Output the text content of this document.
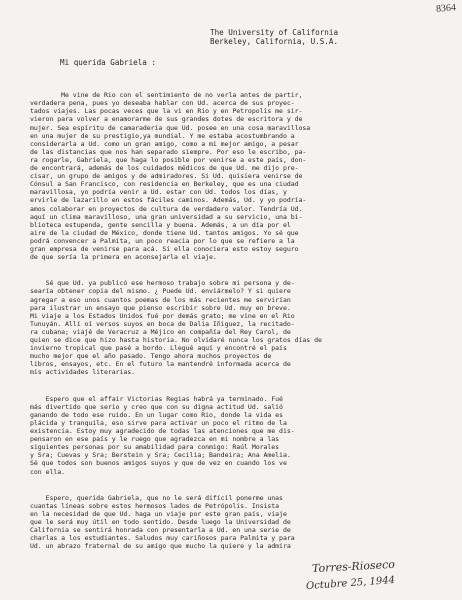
8364
The University of California
Berkeley, California, U.S.A.
Mi querida Gabriela :

Me vine de Rio con el sentimiento de no verla antes de partir,
verdadera pena, pues yo deseaba hablar con Ud. acerca de sus proyec-
tados viajes. Las pocas veces que la vi en Rio y en Petropolis me sir-
vieron para volver a enamorarme de sus grandes dotes de escritora y de
mujer. Sea espíritu de camaradería que Ud. posee en una cosa maravillosa
en una mujer de su prestigio,ya mundial. Y me estaba acostumbrando a
considerarla a Ud. como un gran amigo, como a mi mejor amigo, a pesar
de las distancias que nos han separado siempre. Por eso le escribo, pa-
ra rogarle, Gabriela, que haga lo posible por venirse a este país, don-
de encontrará, además de los cuidados médicos de que Ud. me dijo pre-
cisar, un grupo de amigos y de admiradores. Si Ud. quisiera venirse de
Cónsul a San Francisco, con residencia en Berkeley, que es una ciudad
maravillosa, yo podría venir a Ud. estar con Ud. todos los días, y
ervirle de lazarillo en estos fáciles caminos. Además, Ud. y yo podría-
amos colaborar en proyectos de cultura de verdadero valor. Tendría Ud.
aquí un clima maravilloso, una gran universidad a su servicio, una bi-
blioteca estupenda, gente sencilla y buena. Además, a un día por el
aire de la ciudad de México, donde tiene Ud. tantos amigos. Yo sé que
podrá convencer a Palmita, un poco reacia por lo que se refiere a la
gran empresa de venirse para acá. Si ella conociera esto estoy seguro
de que sería la primera en aconsejarla el viaje.

Sé que Ud. ya publicó ese hermoso trabajo sobre mi persona y de-
searía obtener copia del mismo. ¿ Puede Ud. enviármelo? Y si quiere
agregar a eso unos cuantos poemas de los más recientes me servirían
para ilustrar un ensayo que pienso escribir sobre Ud. muy en breve.
Mi viaje a los Estados Unidos fué por demás grato; me vine en el Rio
Tunuyán. Allí oí versos suyos en boca de Dalia Iñiguez, la recitado-
ra cubana; viajé de Veracruz a Méjico en compañía del Rey Carol, de
quien se dice que hizo hasta historia. No olvidaré nunca los gratos días de
invierno tropical que pasé a bordo. Llegué aquí y encontré el país
mucho mejor que el año pasado. Tengo ahora muchos proyectos de
libros, ensayos, etc. En el futuro la mantendré informada acerca de
mis actividades literarias.

Espero que el affair Victorias Regias habrá ya terminado. Fué
más divertido que serio y creo que con su digna actitud Ud. salió
ganando de todo ese ruido. En un lugar como Rio, donde la vida es
plácida y tranquila, eso sirve para activar un poco el ritmo de la
existencia. Estoy muy agradecido de todas las atenciones que me dis-
pensaron en ese país y le ruego que agradezca en mi nombre a las
siguientes personas por su amabilidad para conmigo: Raúl Morales
y Sra; Cuevas y Sra; Berstein y Sra; Cecilia; Bandeira; Ana Amelia.
Sé que todos son buenos amigos suyos y que de vez en cuando los ve
con ella.

Espero, querida Gabriela, que no le será difícil ponerme unas
cuantas líneas sobre estos hermosos lados de Petrópolis. Insista
en la necesidad de que Ud. haga un viaje por este gran país, viaje
que le será muy útil en todo sentido. Desde luego la Universidad de
California se sentirá honrada con presentarla a Ud. en una serie de
charlas a los estudiantes. Saludos muy cariñosos para Palmita y para
Ud. un abrazo fraternal de su amigo que mucho la quiere y la admira

Torres-Rioseco
Octubre 25, 1944
